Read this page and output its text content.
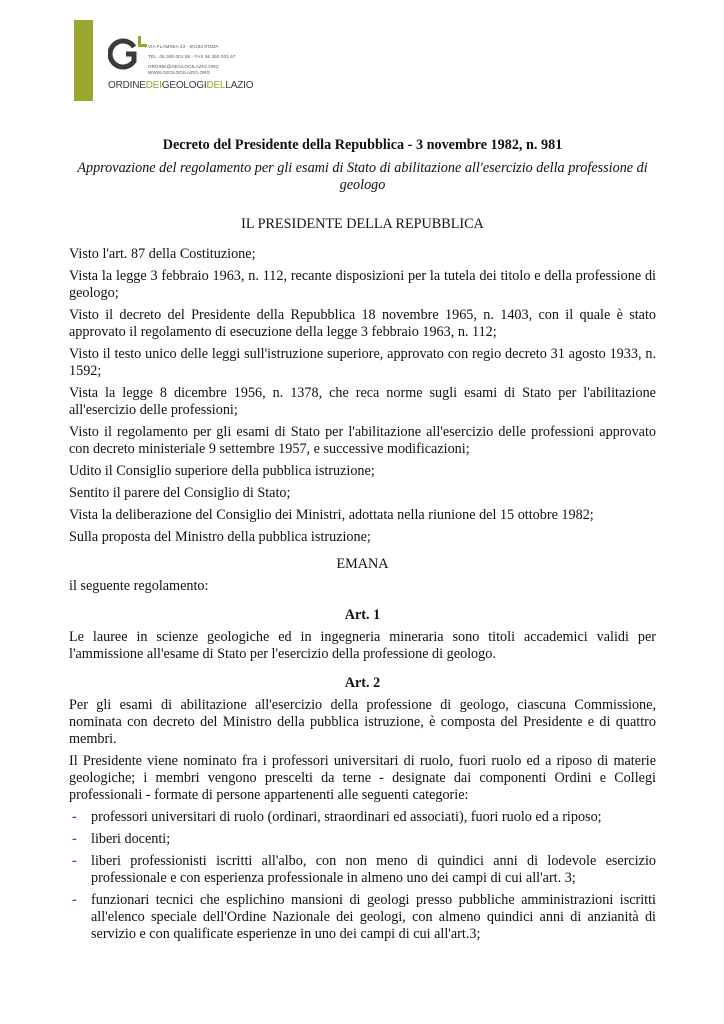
VIA FLAMINIA 43 - 00193 ROMA
TEL. 06.360 001 66 - FAX 06.360 001 67
ORDINE@GEOLOGILAZIO.ORG
WWW.GEOLOGILAZIO.ORG
ORDINEDEIGEOLOGIDELLAZIO

Decreto del Presidente della Repubblica - 3 novembre 1982, n. 981

Approvazione del regolamento per gli esami di Stato di abilitazione all'esercizio della professione di geologo

IL PRESIDENTE DELLA REPUBBLICA

Visto l'art. 87 della Costituzione;

Vista la legge 3 febbraio 1963, n. 112, recante disposizioni per la tutela dei titolo e della professione di geologo;

Visto il decreto del Presidente della Repubblica 18 novembre 1965, n. 1403, con il quale è stato approvato il regolamento di esecuzione della legge 3 febbraio 1963, n. 112;

Visto il testo unico delle leggi sull'istruzione superiore, approvato con regio decreto 31 agosto 1933, n. 1592;

Vista la legge 8 dicembre 1956, n. 1378, che reca norme sugli esami di Stato per l'abilitazione all'esercizio delle professioni;

Visto il regolamento per gli esami di Stato per l'abilitazione all'esercizio delle professioni approvato con decreto ministeriale 9 settembre 1957, e successive modificazioni;

Udito il Consiglio superiore della pubblica istruzione;

Sentito il parere del Consiglio di Stato;

Vista la deliberazione del Consiglio dei Ministri, adottata nella riunione del 15 ottobre 1982;

Sulla proposta del Ministro della pubblica istruzione;

EMANA

il seguente regolamento:

Art. 1

Le lauree in scienze geologiche ed in ingegneria mineraria sono titoli accademici validi per l'ammissione all'esame di Stato per l'esercizio della professione di geologo.

Art. 2

Per gli esami di abilitazione all'esercizio della professione di geologo, ciascuna Commissione, nominata con decreto del Ministro della pubblica istruzione, è composta del Presidente e di quattro membri.

Il Presidente viene nominato fra i professori universitari di ruolo, fuori ruolo ed a riposo di materie geologiche; i membri vengono prescelti da terne - designate dai componenti Ordini e Collegi professionali - formate di persone appartenenti alle seguenti categorie:

- professori universitari di ruolo (ordinari, straordinari ed associati), fuori ruolo ed a riposo;
- liberi docenti;
- liberi professionisti iscritti all'albo, con non meno di quindici anni di lodevole esercizio professionale e con esperienza professionale in almeno uno dei campi di cui all'art. 3;
- funzionari tecnici che esplichino mansioni di geologi presso pubbliche amministrazioni iscritti all'elenco speciale dell'Ordine Nazionale dei geologi, con almeno quindici anni di anzianità di servizio e con qualificate esperienze in uno dei campi di cui all'art.3;
